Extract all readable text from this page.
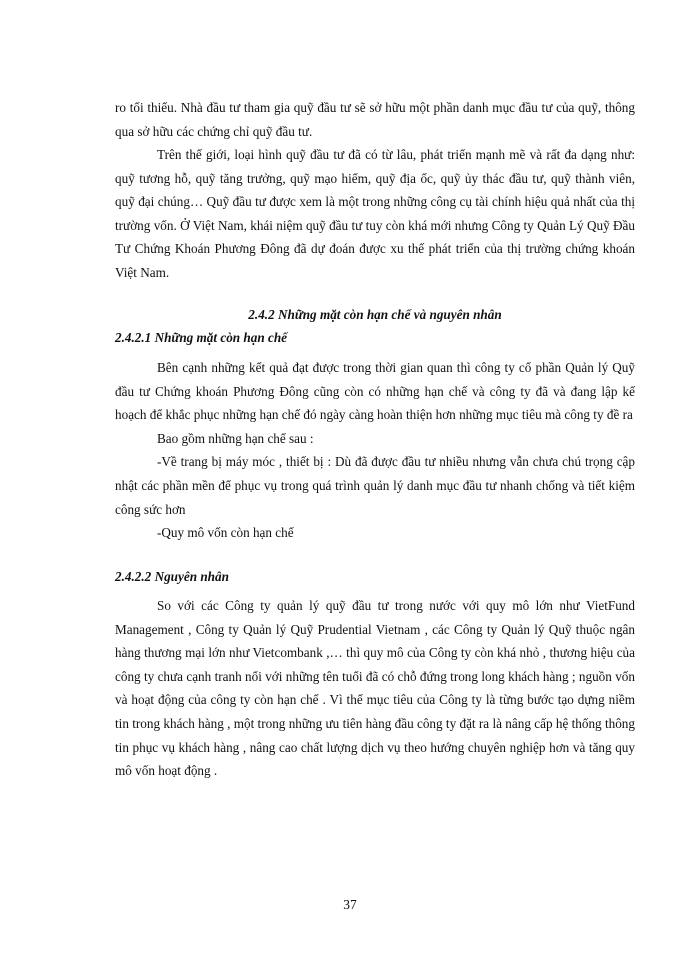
ro tối thiểu. Nhà đầu tư tham gia quỹ đầu tư sẽ sở hữu một phần danh mục đầu tư của quỹ, thông qua sở hữu các chứng chỉ quỹ đầu tư.

Trên thế giới, loại hình quỹ đầu tư đã có từ lâu, phát triển mạnh mẽ và rất đa dạng như: quỹ tương hỗ, quỹ tăng trưởng, quỹ mạo hiểm, quỹ địa ốc, quỹ ủy thác đầu tư, quỹ thành viên, quỹ đại chúng… Quỹ đầu tư được xem là một trong những công cụ tài chính hiệu quả nhất của thị trường vốn. Ở Việt Nam, khái niệm quỹ đầu tư tuy còn khá mới nhưng Công ty Quản Lý Quỹ Đầu Tư Chứng Khoán Phương Đông đã dự đoán được xu thế phát triển của thị trường chứng khoán Việt Nam.

2.4.2 Những mặt còn hạn chế và nguyên nhân
2.4.2.1 Những mặt còn hạn chế

Bên cạnh những kết quả đạt được trong thời gian quan thì công ty cổ phần Quản lý Quỹ đầu tư Chứng khoán Phương Đông cũng còn có những hạn chế và công ty đã và đang lập kế hoạch để khắc phục những hạn chế đó ngày càng hoàn thiện hơn những mục tiêu mà công ty đề ra

Bao gồm những hạn chế sau :

-Về trang bị máy móc , thiết bị : Dù đã được đầu tư nhiều nhưng vẫn chưa chú trọng cập nhật các phần mền để phục vụ trong quá trình quản lý danh mục đầu tư nhanh chống và tiết kiệm công sức hơn

-Quy mô vốn còn hạn chế

2.4.2.2 Nguyên nhân

So với các Công ty quản lý quỹ đầu tư trong nước với quy mô lớn như VietFund Management , Công ty Quản lý Quỹ Prudential Vietnam , các Công ty Quản lý Quỹ thuộc ngân hàng thương mại lớn như Vietcombank ,… thì quy mô của Công ty còn khá nhỏ , thương hiệu của công ty chưa cạnh tranh nổi với những tên tuổi đã có chỗ đứng trong long khách hàng ; nguồn vốn và hoạt động của công ty còn hạn chế . Vì thế mục tiêu của Công ty là từng bước tạo dựng niềm tin trong khách hàng , một trong những ưu tiên hàng đầu công ty đặt ra là nâng cấp hệ thống thông tin phục vụ khách hàng , nâng cao chất lượng dịch vụ theo hướng chuyên nghiệp hơn và tăng quy mô vốn hoạt động .

37
